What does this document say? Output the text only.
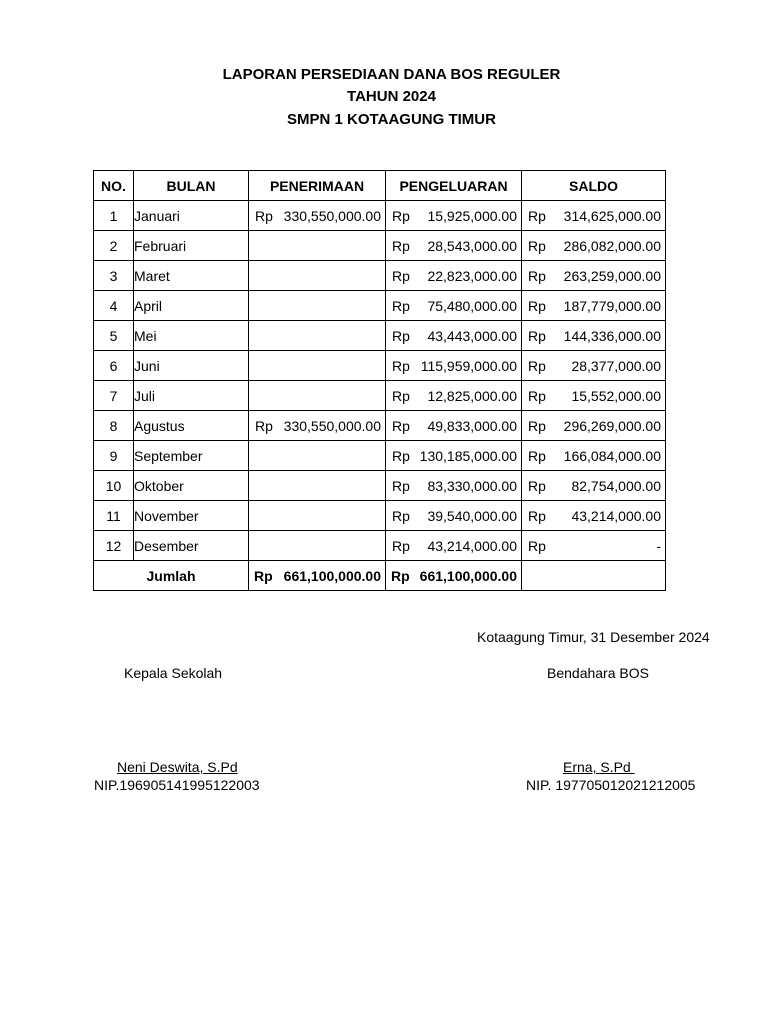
LAPORAN PERSEDIAAN DANA BOS REGULER
TAHUN 2024
SMPN 1 KOTAAGUNG TIMUR
NO.	BULAN	PENERIMAAN	PENGELUARAN	SALDO
1	Januari	Rp 330,550,000.00	Rp 15,925,000.00	Rp 314,625,000.00

2	Februari		Rp 28,543,000.00	Rp 286,082,000.00

3	Maret		Rp 22,823,000.00	Rp 263,259,000.00

4	April		Rp 75,480,000.00	Rp 187,779,000.00

5	Mei		Rp 43,443,000.00	Rp 144,336,000.00

6	Juni		Rp 115,959,000.00	Rp 28,377,000.00

7	Juli		Rp 12,825,000.00	Rp 15,552,000.00

8	Agustus	Rp 330,550,000.00	Rp 49,833,000.00	Rp 296,269,000.00

9	September		Rp 130,185,000.00	Rp 166,084,000.00

10	Oktober		Rp 83,330,000.00	Rp 82,754,000.00

11	November		Rp 39,540,000.00	Rp 43,214,000.00

12	Desember		Rp 43,214,000.00	Rp -

Jumlah		Rp 661,100,000.00	Rp 661,100,000.00	

Kotaagung Timur, 31 Desember 2024
Kepala Sekolah
Neni Deswita, S.Pd
NIP.196905141995122003
Bendahara BOS
Erna, S.Pd
NIP. 197705012021212005
